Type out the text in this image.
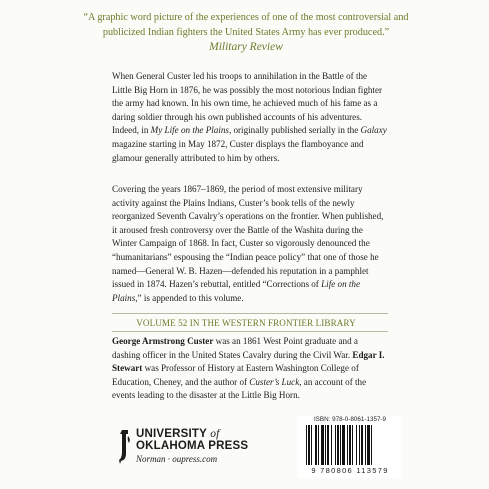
“A graphic word picture of the experiences of one of the most controversial and publicized Indian fighters the United States Army has ever produced.”
Military Review

When General Custer led his troops to annihilation in the Battle of the Little Big Horn in 1876, he was possibly the most notorious Indian fighter the army had known. In his own time, he achieved much of his fame as a daring soldier through his own published accounts of his adventures. Indeed, in My Life on the Plains, originally published serially in the Galaxy magazine starting in May 1872, Custer displays the flamboyance and glamour generally attributed to him by others.

Covering the years 1867–1869, the period of most extensive military activity against the Plains Indians, Custer’s book tells of the newly reorganized Seventh Cavalry’s operations on the frontier. When published, it aroused fresh controversy over the Battle of the Washita during the Winter Campaign of 1868. In fact, Custer so vigorously denounced the “humanitarians” espousing the “Indian peace policy” that one of those he named—General W. B. Hazen—defended his reputation in a pamphlet issued in 1874. Hazen’s rebuttal, entitled “Corrections of Life on the Plains,” is appended to this volume.

VOLUME 52 IN THE WESTERN FRONTIER LIBRARY

George Armstrong Custer was an 1861 West Point graduate and a dashing officer in the United States Cavalry during the Civil War. Edgar I. Stewart was Professor of History at Eastern Washington College of Education, Cheney, and the author of Custer’s Luck, an account of the events leading to the disaster at the Little Big Horn.

UNIVERSITY of
OKLAHOMA PRESS
Norman · oupress.com
ISBN: 978-0-8061-1357-9
9 780806 113579
